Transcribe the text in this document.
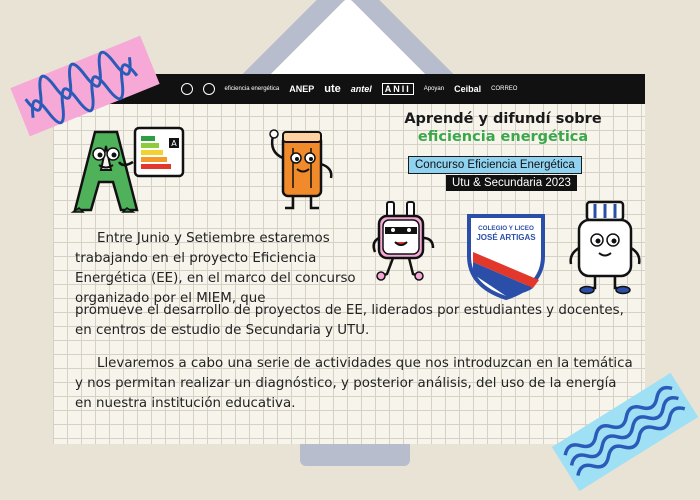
eficiencia energética ANEP ute antel	ANII	Apoyan Ceibal CORREO
Aprendé y difundí sobre
eficiencia energética
Concurso Eficiencia Energética
Utu & Secundaria 2023
A
COLEGIO Y LICEO
JOSÉ ARTIGAS
Entre Junio y Setiembre estaremos trabajando en el proyecto Eficiencia Energética (EE), en el marco del concurso organizado por el MIEM, que
promueve el desarrollo de proyectos de EE, liderados por estudiantes y docentes, en centros de estudio de Secundaria y UTU.
Llevaremos a cabo una serie de actividades que nos introduzcan en la temática y nos permitan realizar un diagnóstico, y posterior análisis, del uso de la energía en nuestra institución educativa.
